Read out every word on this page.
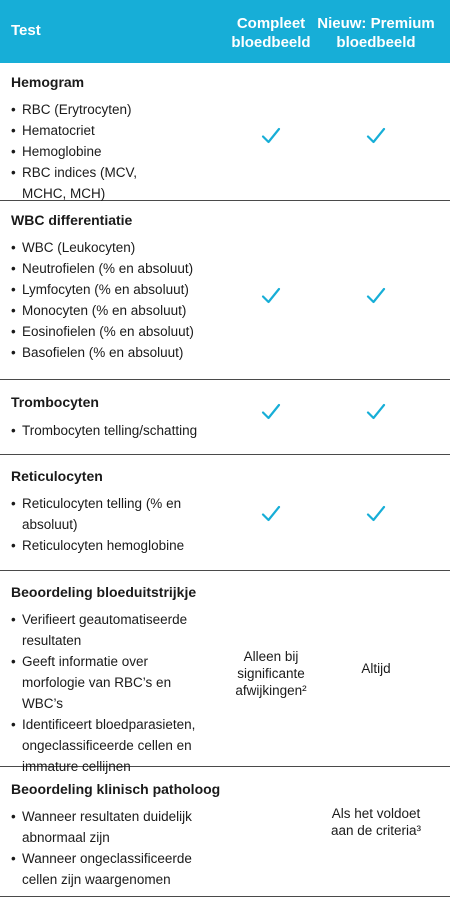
Test	Compleet bloedbeeld
Nieuw: Premium bloedbeeld
Hemogram
• RBC (Erytrocyten)
• Hematocriet
• Hemoglobine
• RBC indices (MCV, MCHC, MCH)
WBC differentiatie
• WBC (Leukocyten)
• Neutrofielen (% en absoluut)
• Lymfocyten (% en absoluut)
• Monocyten (% en absoluut)
• Eosinofielen (% en absoluut)
• Basofielen (% en absoluut)
Trombocyten
• Trombocyten telling/schatting
Reticulocyten
• Reticulocyten telling (% en absoluut)
• Reticulocyten hemoglobine
Beoordeling bloeduitstrijkje
• Verifieert geautomatiseerde resultaten
• Geeft informatie over morfologie van RBC’s en WBC’s
• Identificeert bloedparasieten, ongeclassificeerde cellen en immature cellijnen
Alleen bij significante afwijkingen²
Altijd
Beoordeling klinisch patholoog
• Wanneer resultaten duidelijk abnormaal zijn
• Wanneer ongeclassificeerde cellen zijn waargenomen
Als het voldoet aan de criteria³
